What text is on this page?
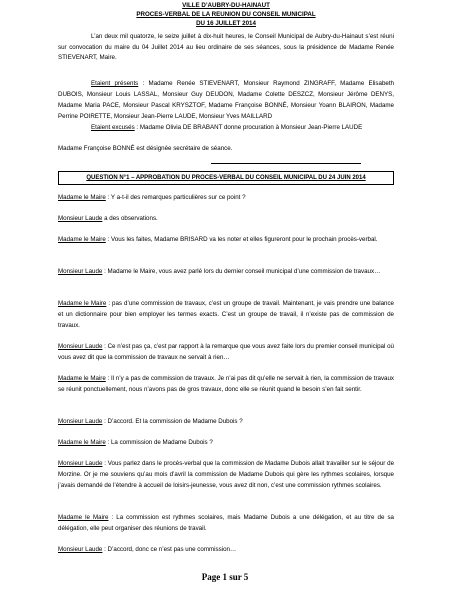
VILLE D’AUBRY-DU-HAINAUT
PROCES-VERBAL DE LA REUNION DU CONSEIL MUNICIPAL
DU 16 JUILLET 2014

L’an deux mil quatorze, le seize juillet à dix-huit heures, le Conseil Municipal de Aubry-du-Hainaut s’est réuni sur convocation du maire du 04 Juillet 2014 au lieu ordinaire de ses séances, sous la présidence de Madame Renée STIEVENART, Maire.

Etaient présents : Madame Renée STIEVENART, Monsieur Raymond ZINGRAFF, Madame Elisabeth DUBOIS, Monsieur Louis LASSAL, Monsieur Guy DEUDON, Madame Colette DESZCZ, Monsieur Jérôme DENYS, Madame Maria PACE, Monsieur Pascal KRYSZTOF, Madame Françoise BONNÉ, Monsieur Yoann BLAIRON, Madame Perrine POIRETTE, Monsieur Jean-Pierre LAUDE, Monsieur Yves MAILLARD

Etaient excusés : Madame Olivia DE BRABANT donne procuration à Monsieur Jean-Pierre LAUDE

Madame Françoise BONNÉ est désignée secrétaire de séance.

QUESTION N°1 – APPROBATION DU PROCES-VERBAL DU CONSEIL MUNICIPAL DU 24 JUIN 2014

Madame le Maire : Y a-t-il des remarques particulières sur ce point ?

Monsieur Laude a des observations.

Madame le Maire : Vous les faites, Madame BRISARD va les noter et elles figureront pour le prochain procès-verbal.

Monsieur Laude : Madame le Maire, vous avez parlé lors du dernier conseil municipal d’une commission de travaux…

Madame le Maire : pas d’une commission de travaux, c’est un groupe de travail. Maintenant, je vais prendre une balance et un dictionnaire pour bien employer les termes exacts. C’est un groupe de travail, il n’existe pas de commission de travaux.

Monsieur Laude : Ce n’est pas ça, c’est par rapport à la remarque que vous avez faite lors du premier conseil municipal où vous avez dit que la commission de travaux ne servait à rien…

Madame le Maire : Il n’y a pas de commission de travaux. Je n’ai pas dit qu’elle ne servait à rien, la commission de travaux se réunit ponctuellement, nous n’avons pas de gros travaux, donc elle se réunit quand le besoin s’en fait sentir.

Monsieur Laude : D’accord. Et la commission de Madame Dubois ?

Madame le Maire : La commission de Madame Dubois ?

Monsieur Laude : Vous parlez dans le procès-verbal que la commission de Madame Dubois allait travailler sur le séjour de Morzine. Or je me souviens qu’au mois d’avril la commission de Madame Dubois qui gère les rythmes scolaires, lorsque j’avais demandé de l’étendre à accueil de loisirs-jeunesse, vous avez dit non, c’est une commission rythmes scolaires.

Madame le Maire : La commission est rythmes scolaires, mais Madame Dubois a une délégation, et au titre de sa délégation, elle peut organiser des réunions de travail.

Monsieur Laude : D’accord, donc ce n’est pas une commission…

Page 1 sur 5
